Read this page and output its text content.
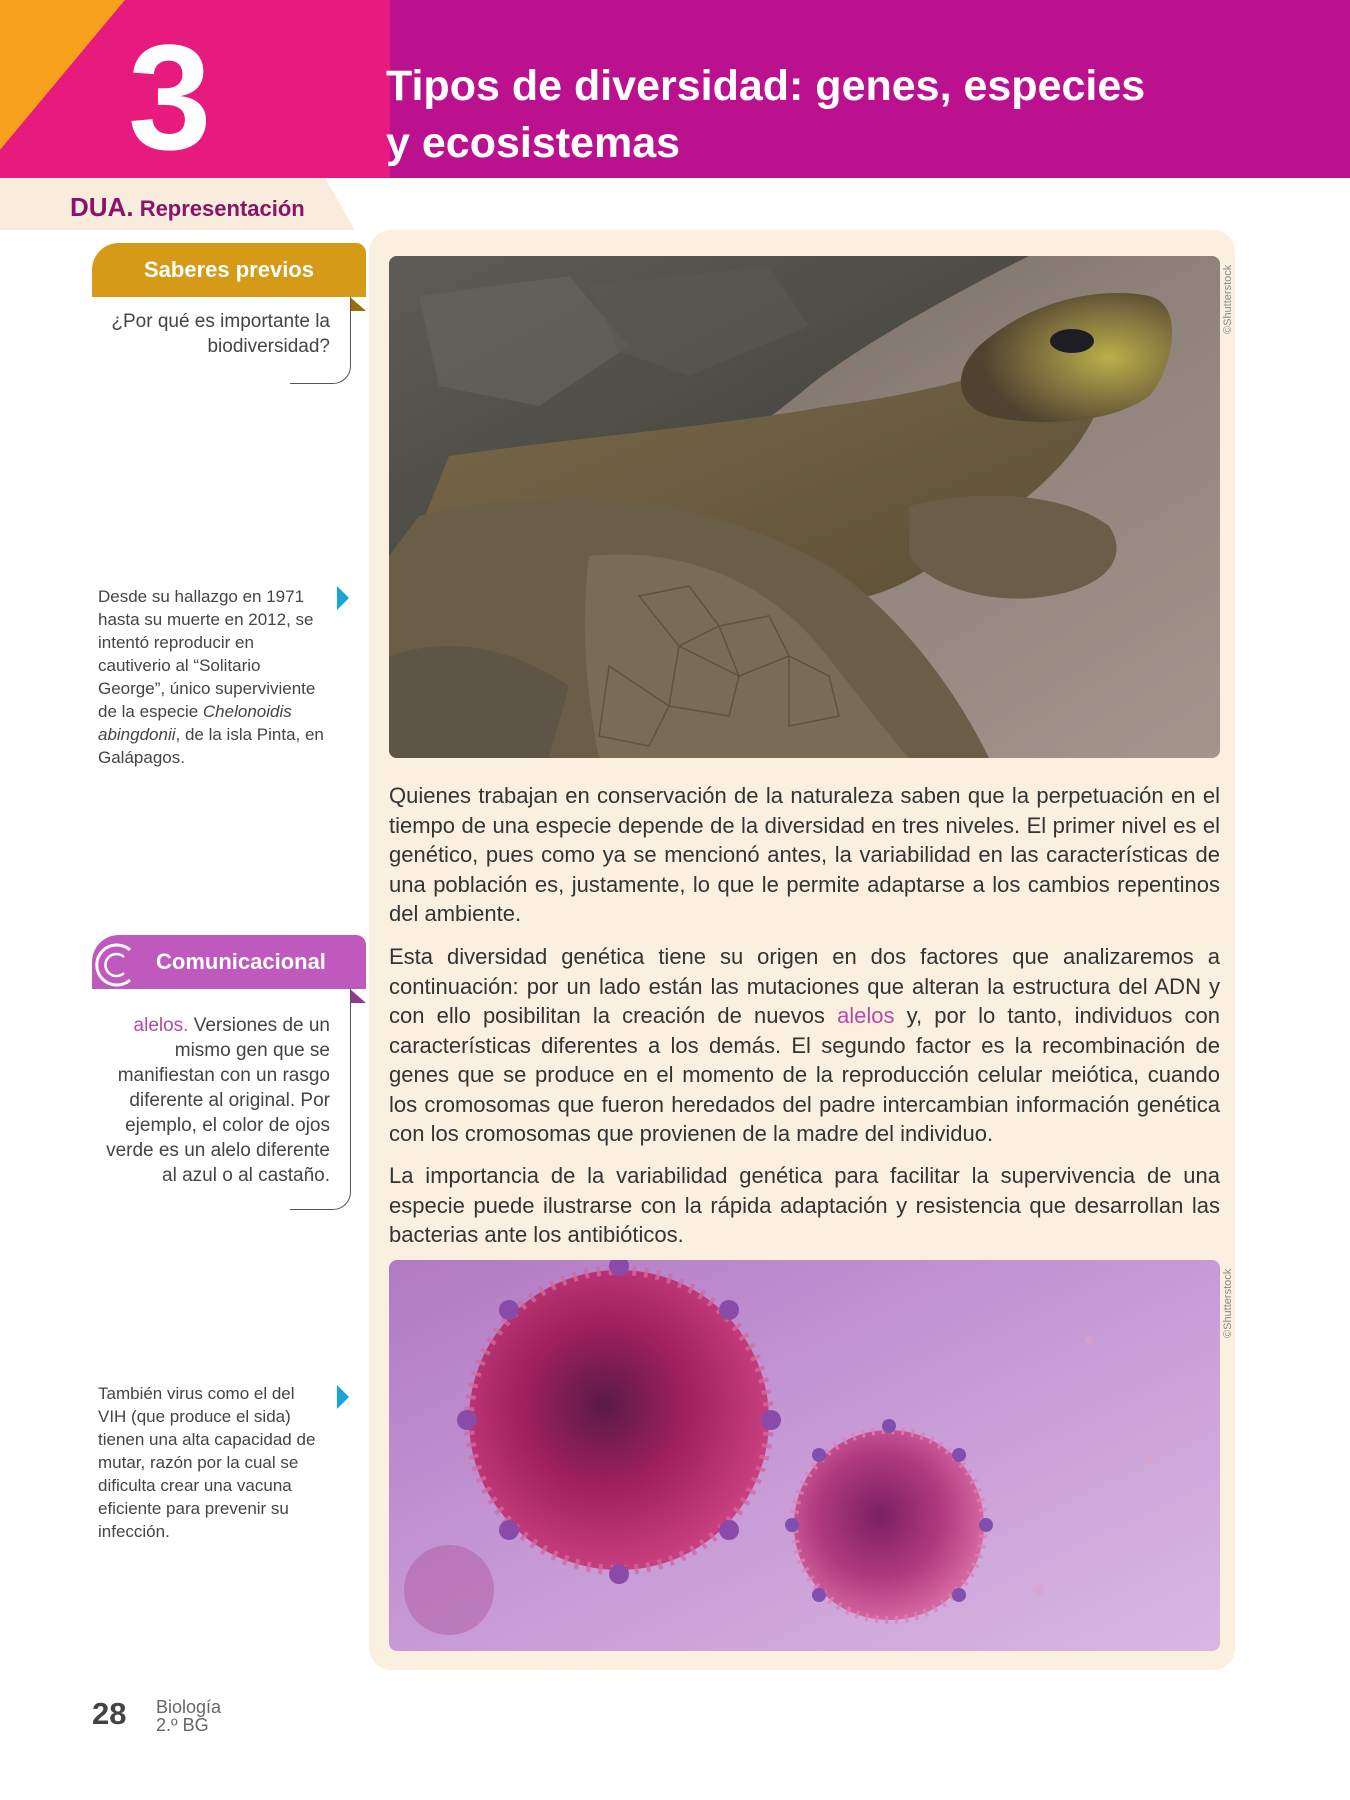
3	Tipos de diversidad: genes, especies
y ecosistemas
DUA. Representación
Saberes previos
¿Por qué es importante la biodiversidad?
Desde su hallazgo en 1971 hasta su muerte en 2012, se intentó reproducir en cautiverio al “Solitario George”, único superviviente de la especie Chelonoidis abingdonii, de la isla Pinta, en Galápagos.
Comunicacional
alelos. Versiones de un mismo gen que se manifiestan con un rasgo diferente al original. Por ejemplo, el color de ojos verde es un alelo diferente al azul o al castaño.
También virus como el del VIH (que produce el sida) tienen una alta capacidad de mutar, razón por la cual se dificulta crear una vacuna eficiente para prevenir su infección.
©Shutterstock
Quienes trabajan en conservación de la naturaleza saben que la perpetuación en el tiempo de una especie depende de la diversidad en tres niveles. El primer nivel es el genético, pues como ya se mencionó antes, la variabilidad en las características de una población es, justamente, lo que le permite adaptarse a los cambios repentinos del ambiente.
Esta diversidad genética tiene su origen en dos factores que analizaremos a continuación: por un lado están las mutaciones que alteran la estructura del ADN y con ello posibilitan la creación de nuevos alelos y, por lo tanto, individuos con características diferentes a los demás. El segundo factor es la recombinación de genes que se produce en el momento de la reproducción celular meiótica, cuando los cromosomas que fueron heredados del padre intercambian información genética con los cromosomas que provienen de la madre del individuo.
La importancia de la variabilidad genética para facilitar la supervivencia de una especie puede ilustrarse con la rápida adaptación y resistencia que desarrollan las bacterias ante los antibióticos.
©Shutterstock
28 Biología
2.º BG
